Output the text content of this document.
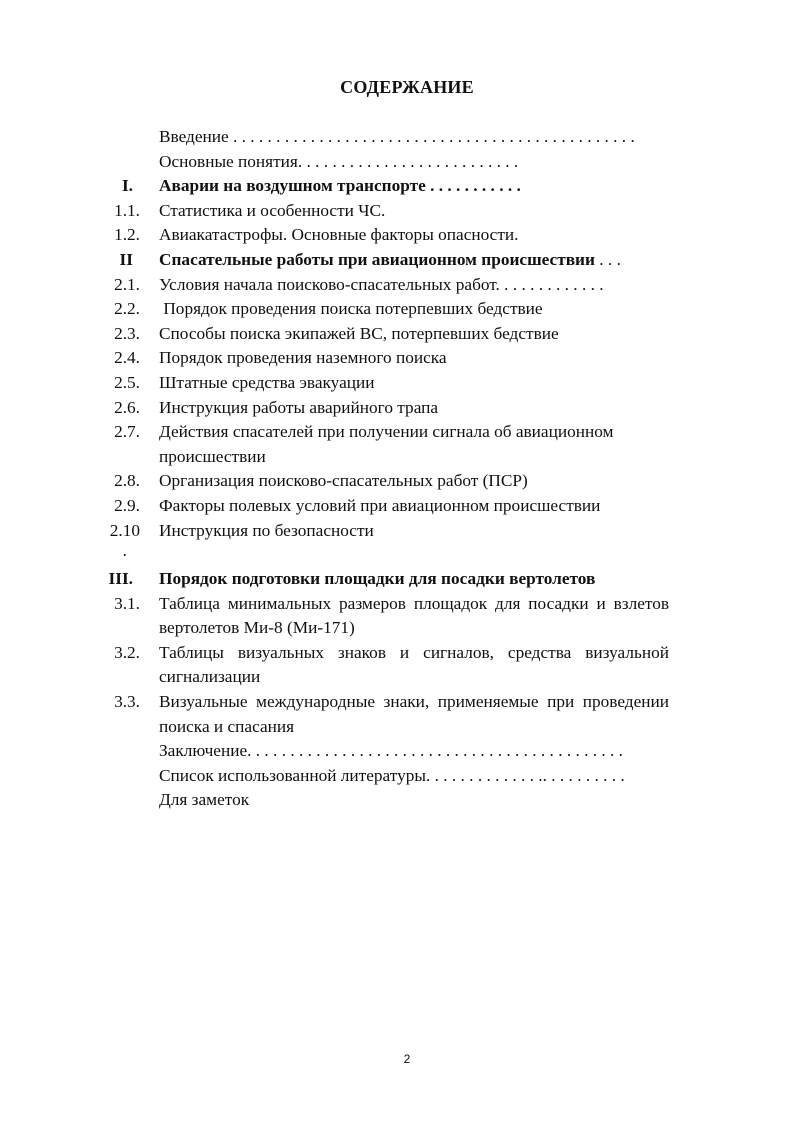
СОДЕРЖАНИЕ
Введение . . . . . . . . . . . . . . . . . . . . . . . . . . . . . . . . . . . . . . . . . . . . . . .
Основные понятия. . . . . . . . . . . . . . . . . . . . . . . . . .
I. Аварии на воздушном транспорте . . . . . . . . . . .
1.1. Статистика и особенности ЧС.
1.2. Авиакатастрофы. Основные факторы опасности.
II Спасательные работы при авиационном происшествии . . .
2.1. Условия начала поисково-спасательных работ. . . . . . . . . . . . .
2.2. Порядок проведения поиска потерпевших бедствие
2.3. Способы поиска экипажей ВС, потерпевших бедствие
2.4. Порядок проведения наземного поиска
2.5. Штатные средства эвакуации
2.6. Инструкция работы аварийного трапа
2.7. Действия спасателей при получении сигнала об авиационном происшествии
2.8. Организация поисково-спасательных работ (ПСР)
2.9. Факторы полевых условий при авиационном происшествии
2.10 Инструкция по безопасности
.
III. Порядок подготовки площадки для посадки вертолетов
3.1. Таблица минимальных размеров площадок для посадки и взлетов вертолетов Ми-8 (Ми-171)
3.2. Таблицы визуальных знаков и сигналов, средства визуальной сигнализации
3.3. Визуальные международные знаки, применяемые при проведении поиска и спасания
Заключение. . . . . . . . . . . . . . . . . . . . . . . . . . . . . . . . . . . . . . . . . . . .
Список использованной литературы. . . . . . . . . . . . . .. . . . . . . . . .
Для заметок
2
